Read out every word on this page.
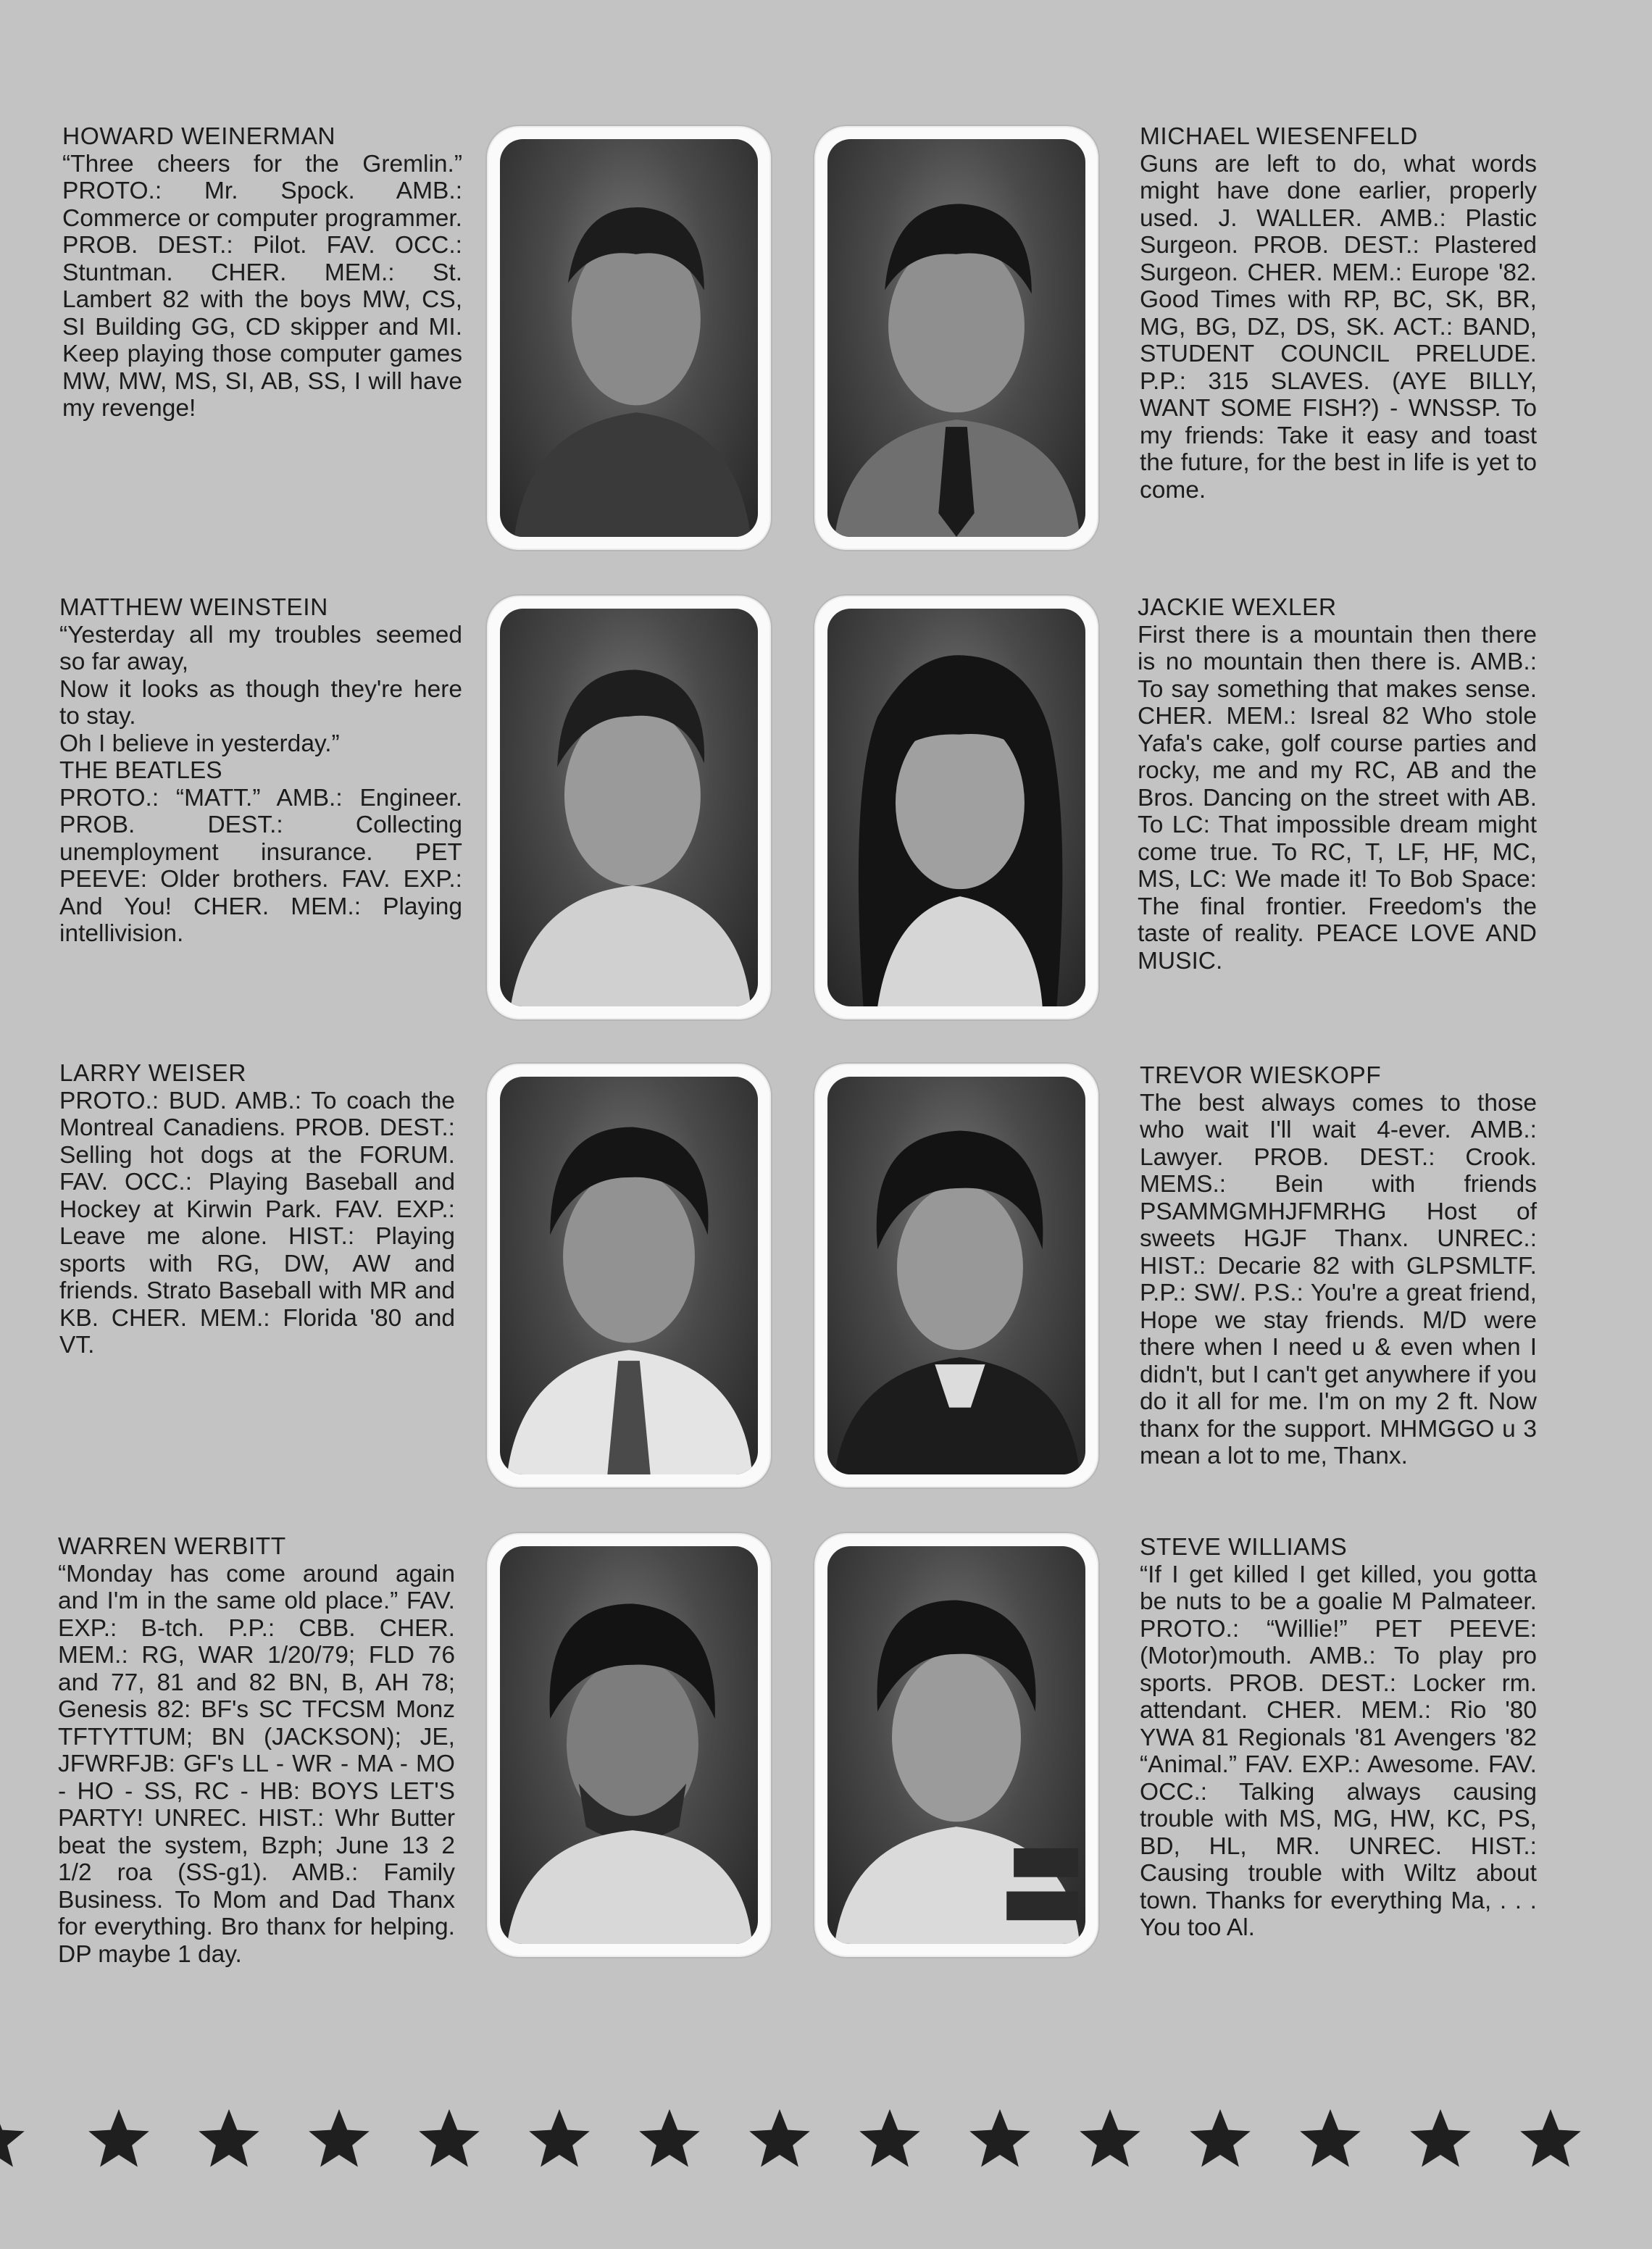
HOWARD WEINERMAN
“Three cheers for the Gremlin.” PROTO.: Mr. Spock. AMB.: Commerce or computer programmer. PROB. DEST.: Pilot. FAV. OCC.: Stuntman. CHER. MEM.: St. Lambert 82 with the boys MW, CS, SI Building GG, CD skipper and MI. Keep playing those computer games MW, MW, MS, SI, AB, SS, I will have my revenge!
MICHAEL WIESENFELD
Guns are left to do, what words might have done earlier, properly used. J. WALLER. AMB.: Plastic Surgeon. PROB. DEST.: Plastered Surgeon. CHER. MEM.: Europe '82. Good Times with RP, BC, SK, BR, MG, BG, DZ, DS, SK. ACT.: BAND, STUDENT COUNCIL PRELUDE. P.P.: 315 SLAVES. (AYE BILLY, WANT SOME FISH?) - WNSSP. To my friends: Take it easy and toast the future, for the best in life is yet to come.
MATTHEW WEINSTEIN
“Yesterday all my troubles seemed so far away,
Now it looks as though they're here to stay.
Oh I believe in yesterday.”
THE BEATLES
PROTO.: “MATT.” AMB.: Engineer. PROB. DEST.: Collecting unemployment insurance. PET PEEVE: Older brothers. FAV. EXP.: And You! CHER. MEM.: Playing intellivision.
JACKIE WEXLER
First there is a mountain then there is no mountain then there is. AMB.: To say something that makes sense. CHER. MEM.: Isreal 82 Who stole Yafa's cake, golf course parties and rocky, me and my RC, AB and the Bros. Dancing on the street with AB. To LC: That impossible dream might come true. To RC, T, LF, HF, MC, MS, LC: We made it! To Bob Space: The final frontier. Freedom's the taste of reality. PEACE LOVE AND MUSIC.
LARRY WEISER
PROTO.: BUD. AMB.: To coach the Montreal Canadiens. PROB. DEST.: Selling hot dogs at the FORUM. FAV. OCC.: Playing Baseball and Hockey at Kirwin Park. FAV. EXP.: Leave me alone. HIST.: Playing sports with RG, DW, AW and friends. Strato Baseball with MR and KB. CHER. MEM.: Florida '80 and VT.
TREVOR WIESKOPF
The best always comes to those who wait I'll wait 4-ever. AMB.: Lawyer. PROB. DEST.: Crook. MEMS.: Bein with friends PSAMMGMHJFMRHG Host of sweets HGJF Thanx. UNREC.: HIST.: Decarie 82 with GLPSMLTF. P.P.: SW/. P.S.: You're a great friend, Hope we stay friends. M/D were there when I need u & even when I didn't, but I can't get anywhere if you do it all for me. I'm on my 2 ft. Now thanx for the support. MHMGGO u 3 mean a lot to me, Thanx.
WARREN WERBITT
“Monday has come around again and I'm in the same old place.” FAV. EXP.: B-tch. P.P.: CBB. CHER. MEM.: RG, WAR 1/20/79; FLD 76 and 77, 81 and 82 BN, B, AH 78; Genesis 82: BF's SC TFCSM Monz TFTYTTUM; BN (JACKSON); JE, JFWRFJB: GF's LL - WR - MA - MO - HO - SS, RC - HB: BOYS LET'S PARTY! UNREC. HIST.: Whr Butter beat the system, Bzph; June 13 2 1/2 roa (SS-g1). AMB.: Family Business. To Mom and Dad Thanx for everything. Bro thanx for helping. DP maybe 1 day.
STEVE WILLIAMS
“If I get killed I get killed, you gotta be nuts to be a goalie M Palmateer. PROTO.: “Willie!” PET PEEVE: (Motor)mouth. AMB.: To play pro sports. PROB. DEST.: Locker rm. attendant. CHER. MEM.: Rio '80 YWA 81 Regionals '81 Avengers '82 “Animal.” FAV. EXP.: Awesome. FAV. OCC.: Talking always causing trouble with MS, MG, HW, KC, PS, BD, HL, MR. UNREC. HIST.: Causing trouble with Wiltz about town. Thanks for everything Ma, . . . You too Al.
